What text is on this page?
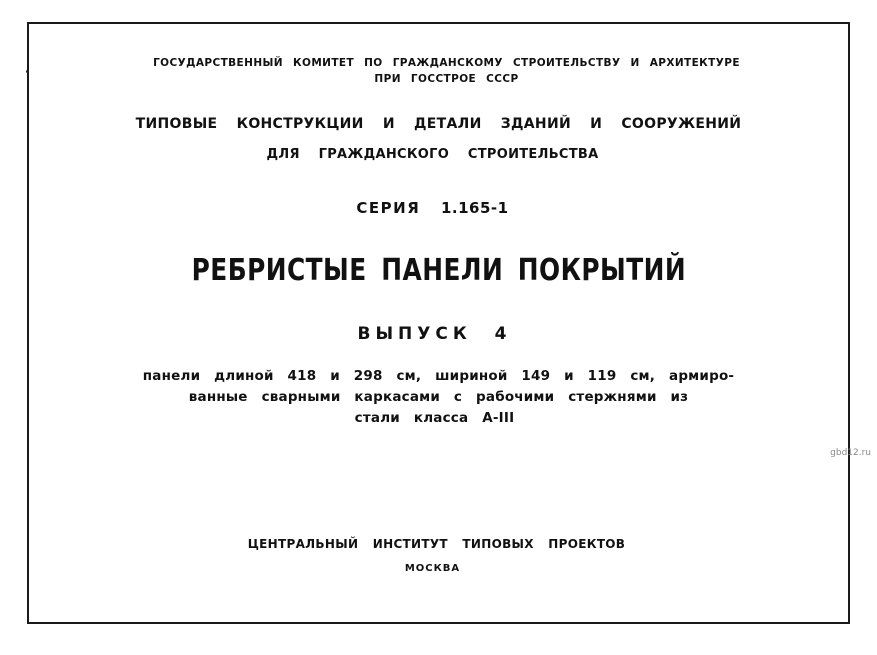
ГОСУДАРСТВЕННЫЙ КОМИТЕТ ПО ГРАЖДАНСКОМУ СТРОИТЕЛЬСТВУ И АРХИТЕКТУРЕ

ПРИ ГОССТРОЕ СССР

ТИПОВЫЕ КОНСТРУКЦИИ И ДЕТАЛИ ЗДАНИЙ И СООРУЖЕНИЙ

ДЛЯ ГРАЖДАНСКОГО СТРОИТЕЛЬСТВА

СЕРИЯ 1.165-1

РЕБРИСТЫЕ ПАНЕЛИ ПОКРЫТИЙ

ВЫПУСК 4

панели длиной 418 и 298 см, шириной 149 и 119 см, армиро-

ванные сварными каркасами с рабочими стержнями из

стали класса А-III

ЦЕНТРАЛЬНЫЙ ИНСТИТУТ ТИПОВЫХ ПРОЕКТОВ

МОСКВА

gbd12.ru
